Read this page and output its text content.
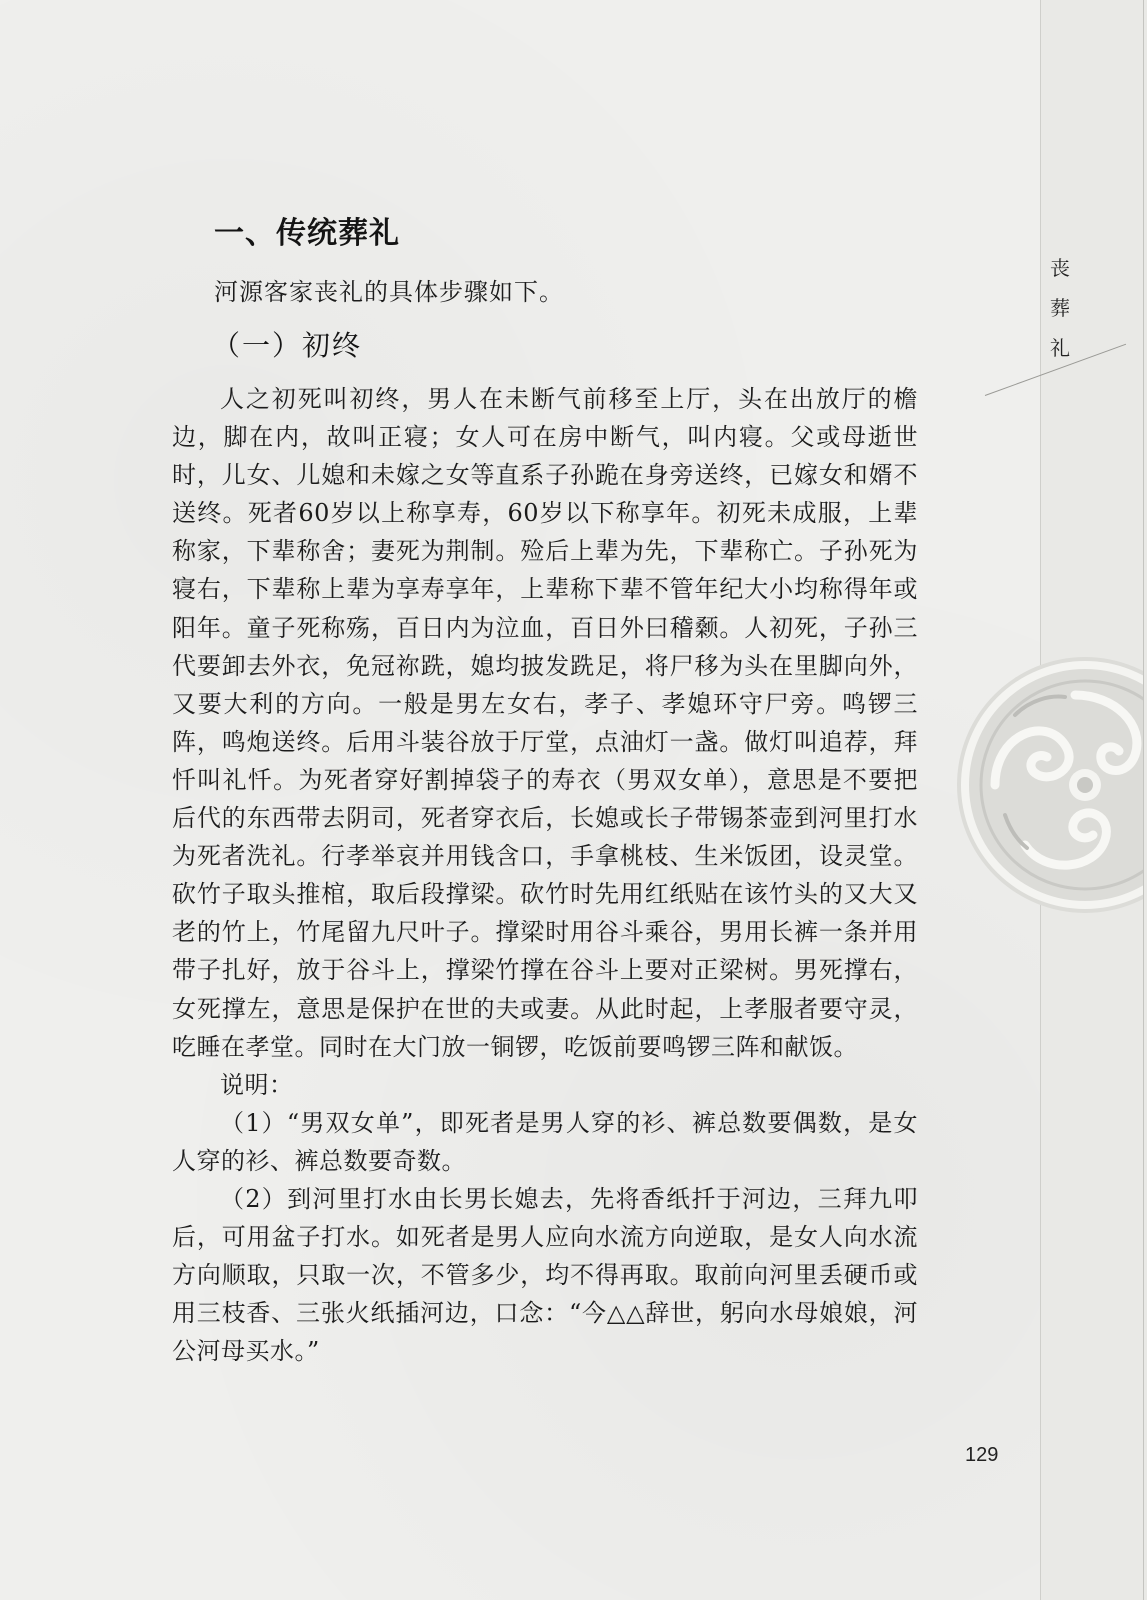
丧
葬
礼
一、传统葬礼
河源客家丧礼的具体步骤如下。
（一）初终

人之初死叫初终，男人在未断气前移至上厅，头在出放厅的檐边，脚在内，故叫正寝；女人可在房中断气，叫内寝。父或母逝世时，儿女、儿媳和未嫁之女等直系子孙跪在身旁送终，已嫁女和婿不送终。死者60岁以上称享寿，60岁以下称享年。初死未成服，上辈称家，下辈称舍；妻死为荆制。殓后上辈为先，下辈称亡。子孙死为寝右，下辈称上辈为享寿享年，上辈称下辈不管年纪大小均称得年或阳年。童子死称殇，百日内为泣血，百日外曰稽颡。人初死，子孙三代要卸去外衣，免冠祢跣，媳均披发跣足，将尸移为头在里脚向外，又要大利的方向。一般是男左女右，孝子、孝媳环守尸旁。鸣锣三阵，鸣炮送终。后用斗装谷放于厅堂，点油灯一盏。做灯叫追荐，拜忏叫礼忏。为死者穿好割掉袋子的寿衣（男双女单），意思是不要把后代的东西带去阴司，死者穿衣后，长媳或长子带锡茶壶到河里打水为死者洗礼。行孝举哀并用钱含口，手拿桃枝、生米饭团，设灵堂。砍竹子取头推棺，取后段撑梁。砍竹时先用红纸贴在该竹头的又大又老的竹上，竹尾留九尺叶子。撑梁时用谷斗乘谷，男用长裤一条并用带子扎好，放于谷斗上，撑梁竹撑在谷斗上要对正梁树。男死撑右，女死撑左，意思是保护在世的夫或妻。从此时起，上孝服者要守灵，吃睡在孝堂。同时在大门放一铜锣，吃饭前要鸣锣三阵和献饭。

说明：

（1）“男双女单”，即死者是男人穿的衫、裤总数要偶数，是女人穿的衫、裤总数要奇数。

（2）到河里打水由长男长媳去，先将香纸扦于河边，三拜九叩后，可用盆子打水。如死者是男人应向水流方向逆取，是女人向水流方向顺取，只取一次，不管多少，均不得再取。取前向河里丢硬币或用三枝香、三张火纸插河边，口念：“今△△辞世，躬向水母娘娘，河公河母买水。”

129
